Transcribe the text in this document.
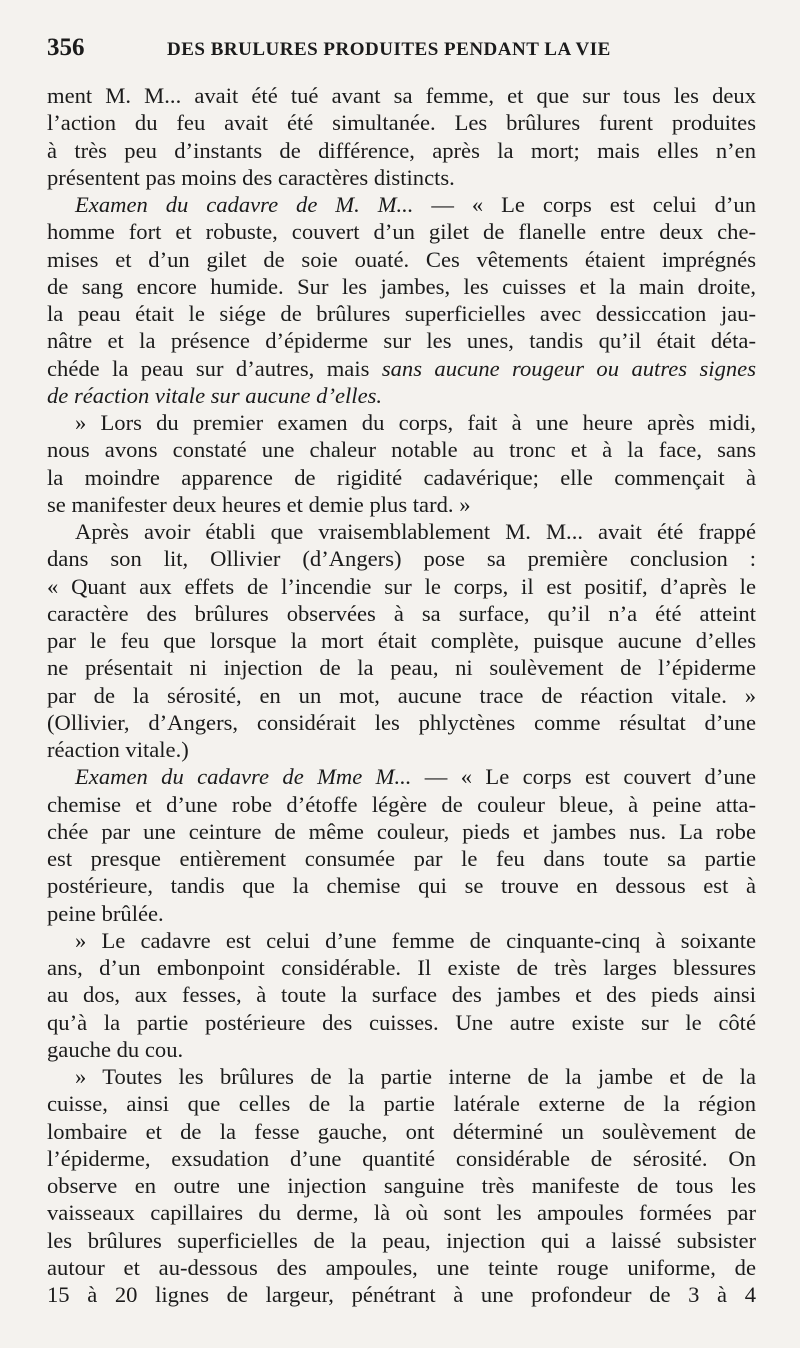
356	DES BRULURES PRODUITES PENDANT LA VIE
ment M. M... avait été tué avant sa femme, et que sur tous les deux
l’action du feu avait été simultanée. Les brûlures furent produites
à très peu d’instants de différence, après la mort; mais elles n’en
présentent pas moins des caractères distincts.
Examen du cadavre de M. M... — « Le corps est celui d’un
homme fort et robuste, couvert d’un gilet de flanelle entre deux che-
mises et d’un gilet de soie ouaté. Ces vêtements étaient imprégnés
de sang encore humide. Sur les jambes, les cuisses et la main droite,
la peau était le siége de brûlures superficielles avec dessiccation jau-
nâtre et la présence d’épiderme sur les unes, tandis qu’il était déta-
chéde la peau sur d’autres, mais sans aucune rougeur ou autres signes
de réaction vitale sur aucune d’elles.
» Lors du premier examen du corps, fait à une heure après midi,
nous avons constaté une chaleur notable au tronc et à la face, sans
la moindre apparence de rigidité cadavérique; elle commençait à
se manifester deux heures et demie plus tard. »
Après avoir établi que vraisemblablement M. M... avait été frappé
dans son lit, Ollivier (d’Angers) pose sa première conclusion :
« Quant aux effets de l’incendie sur le corps, il est positif, d’après le
caractère des brûlures observées à sa surface, qu’il n’a été atteint
par le feu que lorsque la mort était complète, puisque aucune d’elles
ne présentait ni injection de la peau, ni soulèvement de l’épiderme
par de la sérosité, en un mot, aucune trace de réaction vitale. »
(Ollivier, d’Angers, considérait les phlyctènes comme résultat d’une
réaction vitale.)
Examen du cadavre de Mme M... — « Le corps est couvert d’une
chemise et d’une robe d’étoffe légère de couleur bleue, à peine atta-
chée par une ceinture de même couleur, pieds et jambes nus. La robe
est presque entièrement consumée par le feu dans toute sa partie
postérieure, tandis que la chemise qui se trouve en dessous est à
peine brûlée.
» Le cadavre est celui d’une femme de cinquante-cinq à soixante
ans, d’un embonpoint considérable. Il existe de très larges blessures
au dos, aux fesses, à toute la surface des jambes et des pieds ainsi
qu’à la partie postérieure des cuisses. Une autre existe sur le côté
gauche du cou.
» Toutes les brûlures de la partie interne de la jambe et de la
cuisse, ainsi que celles de la partie latérale externe de la région
lombaire et de la fesse gauche, ont déterminé un soulèvement de
l’épiderme, exsudation d’une quantité considérable de sérosité. On
observe en outre une injection sanguine très manifeste de tous les
vaisseaux capillaires du derme, là où sont les ampoules formées par
les brûlures superficielles de la peau, injection qui a laissé subsister
autour et au-dessous des ampoules, une teinte rouge uniforme, de
15 à 20 lignes de largeur, pénétrant à une profondeur de 3 à 4
